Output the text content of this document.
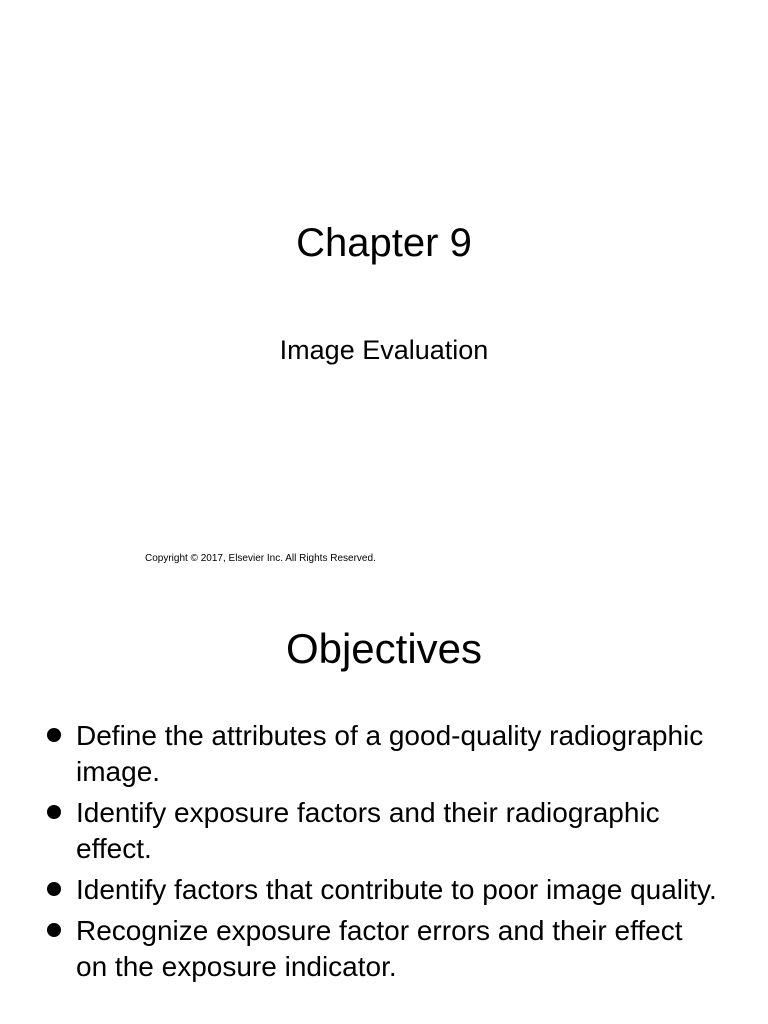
Chapter 9

Image Evaluation

Copyright © 2017, Elsevier Inc. All Rights Reserved.

Objectives
Define the attributes of a good-quality radiographic image.
Identify exposure factors and their radiographic effect.
Identify factors that contribute to poor image quality.
Recognize exposure factor errors and their effect on the exposure indicator.
